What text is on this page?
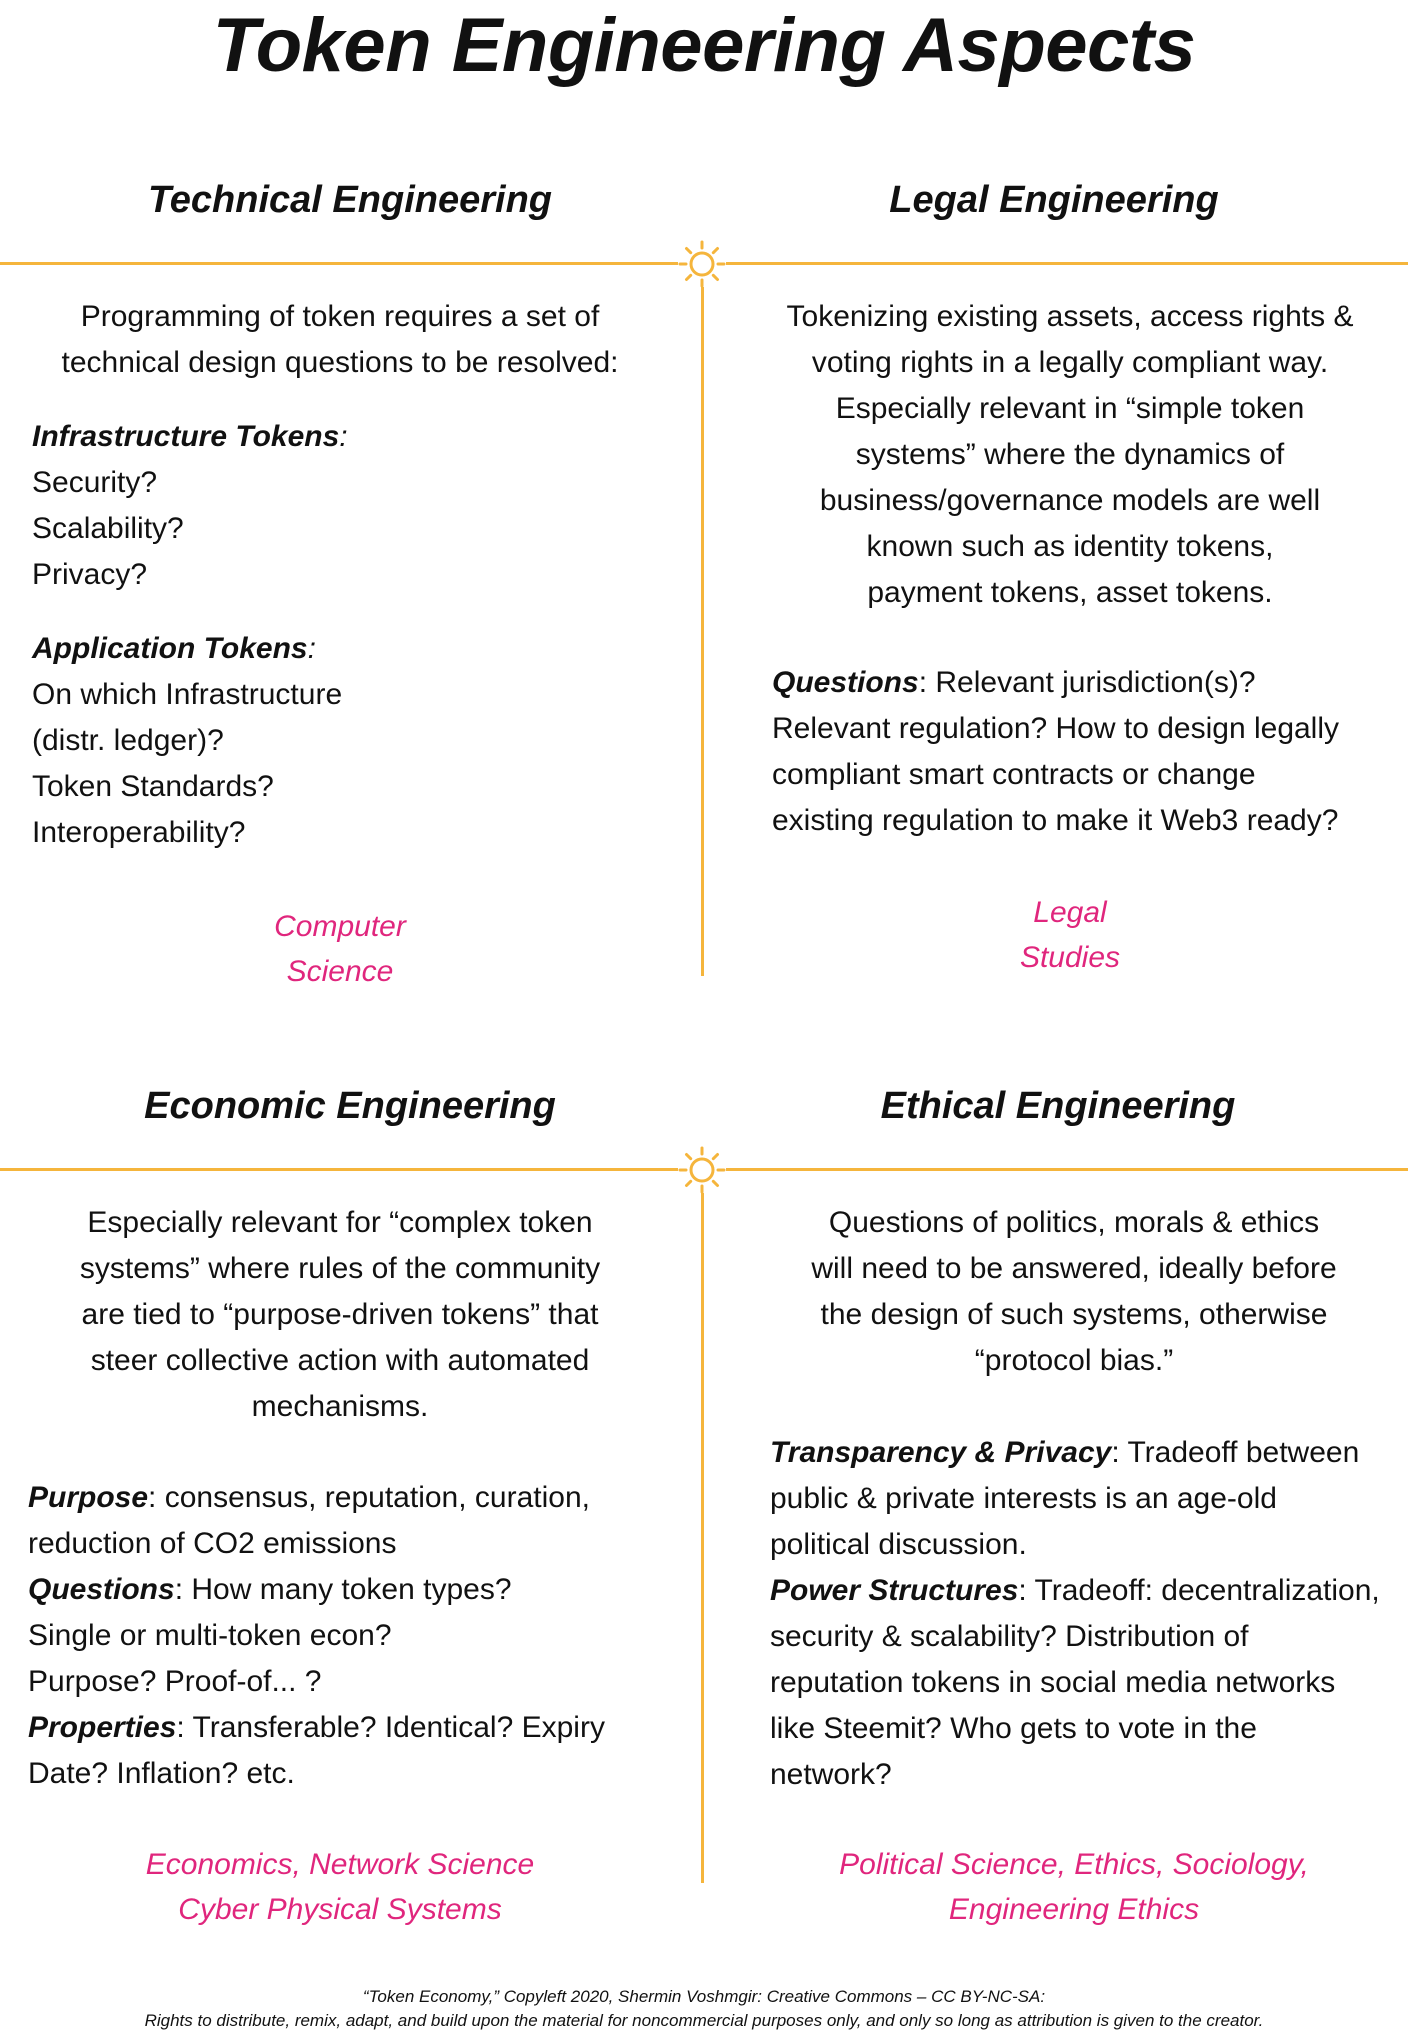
Token Engineering Aspects
Technical Engineering

Programming of token requires a set of
technical design questions to be resolved:

Infrastructure Tokens:
Security?
Scalability?
Privacy?
Application Tokens:
On which Infrastructure
(distr. ledger)?
Token Standards?
Interoperability?

Computer
Science

Legal Engineering

Tokenizing existing assets, access rights &
voting rights in a legally compliant way.
Especially relevant in “simple token
systems” where the dynamics of
business/governance models are well
known such as identity tokens,
payment tokens, asset tokens.

Questions: Relevant jurisdiction(s)?
Relevant regulation? How to design legally
compliant smart contracts or change
existing regulation to make it Web3 ready?

Legal
Studies

Economic Engineering

Especially relevant for “complex token
systems” where rules of the community
are tied to “purpose-driven tokens” that
steer collective action with automated
mechanisms.

Purpose: consensus, reputation, curation,
reduction of CO2 emissions
Questions: How many token types?
Single or multi-token econ?
Purpose? Proof-of... ?
Properties: Transferable? Identical? Expiry
Date? Inflation? etc.

Economics, Network Science
Cyber Physical Systems

Ethical Engineering

Questions of politics, morals & ethics
will need to be answered, ideally before
the design of such systems, otherwise
“protocol bias.”

Transparency & Privacy: Tradeoff between
public & private interests is an age-old
political discussion.
Power Structures: Tradeoff: decentralization,
security & scalability? Distribution of
reputation tokens in social media networks
like Steemit? Who gets to vote in the
network?

Political Science, Ethics, Sociology,
Engineering Ethics

“Token Economy,” Copyleft 2020, Shermin Voshmgir: Creative Commons – CC BY-NC-SA:
Rights to distribute, remix, adapt, and build upon the material for noncommercial purposes only, and only so long as attribution is given to the creator.
